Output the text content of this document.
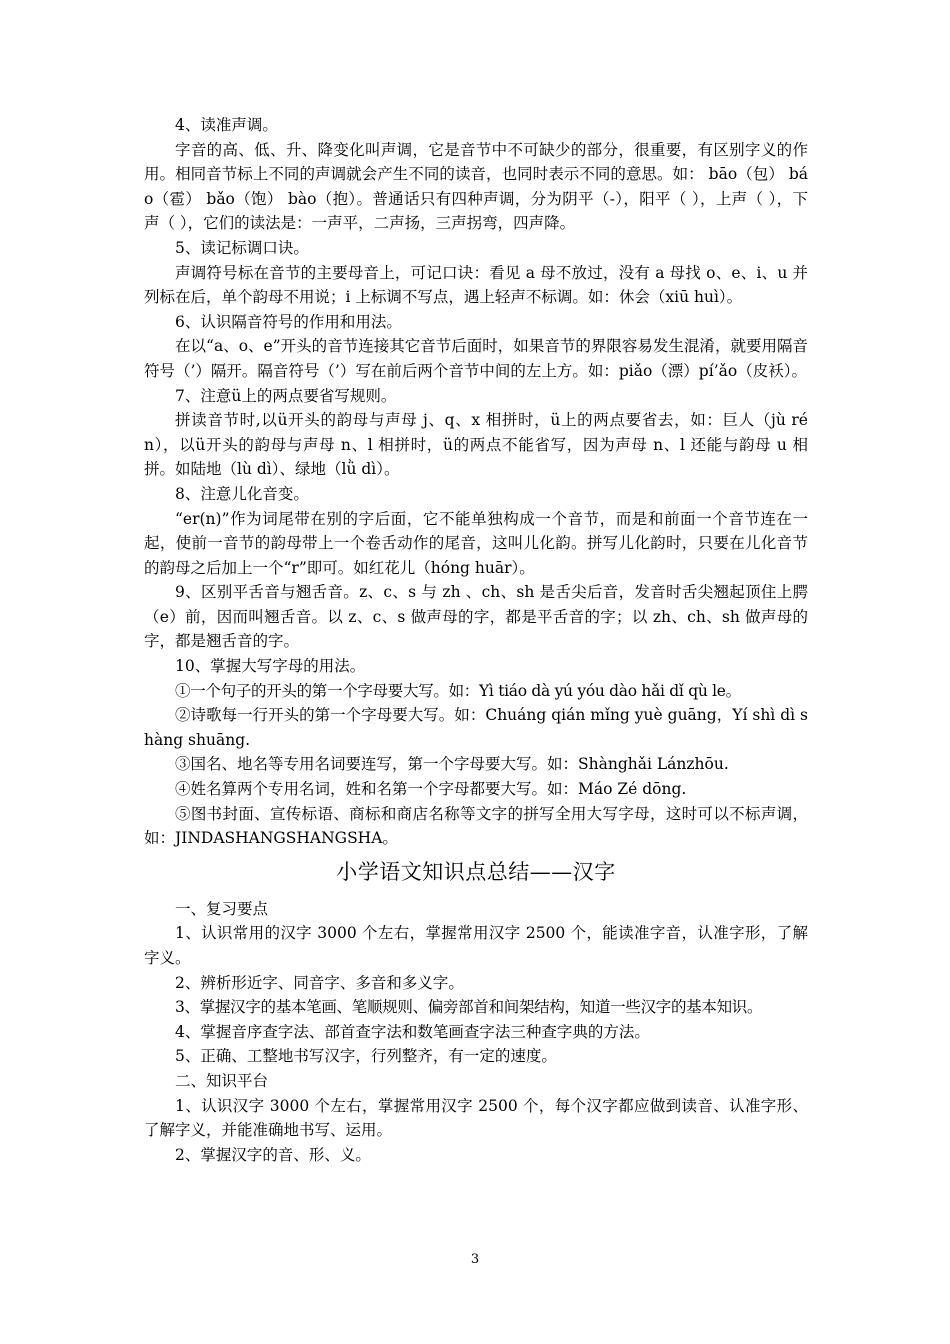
4、读准声调。

字音的高、低、升、降变化叫声调，它是音节中不可缺少的部分，很重要，有区别字义的作用。相同音节标上不同的声调就会产生不同的读音，也同时表示不同的意思。如： bāo（包） báo（雹） bǎo（饱） bào（抱）。普通话只有四种声调，分为阴平（-），阳平（ ），上声（ ），下声（ ），它们的读法是：一声平，二声扬，三声拐弯，四声降。

5、读记标调口诀。

声调符号标在音节的主要母音上，可记口诀：看见 a 母不放过，没有 a 母找 o、e、i、u 并列标在后，单个韵母不用说；i 上标调不写点，遇上轻声不标调。如：休会（xiū huì）。

6、认识隔音符号的作用和用法。

在以“a、o、e”开头的音节连接其它音节后面时，如果音节的界限容易发生混淆，就要用隔音符号（’）隔开。隔音符号（’）写在前后两个音节中间的左上方。如：piǎo（漂）pí’ǎo（皮袄）。

7、注意ü上的两点要省写规则。

拼读音节时,以ü开头的韵母与声母 j、q、x 相拼时，ü上的两点要省去，如：巨人（jù rén），以ü开头的韵母与声母 n、l 相拼时，ü的两点不能省写，因为声母 n、l 还能与韵母 u 相拼。如陆地（lù dì）、绿地（lǜ dì）。

8、注意儿化音变。

“er(n)”作为词尾带在别的字后面，它不能单独构成一个音节，而是和前面一个音节连在一起，使前一音节的韵母带上一个卷舌动作的尾音，这叫儿化韵。拼写儿化韵时，只要在儿化音节的韵母之后加上一个“r”即可。如红花儿（hóng huār）。

9、区别平舌音与翘舌音。z、c、s 与 zh 、ch、sh 是舌尖后音，发音时舌尖翘起顶住上腭（e）前，因而叫翘舌音。以 z、c、s 做声母的字，都是平舌音的字；以 zh、ch、sh 做声母的字，都是翘舌音的字。

10、掌握大写字母的用法。

①一个句子的开头的第一个字母要大写。如：Yì tiáo dà yú yóu dào hǎi dǐ qù le。

②诗歌每一行开头的第一个字母要大写。如：Chuáng qián mǐng yuè guāng，Yí shì dì shàng shuāng.

③国名、地名等专用名词要连写，第一个字母要大写。如：Shànghǎi Lánzhōu.

④姓名算两个专用名词，姓和名第一个字母都要大写。如：Máo Zé dōng.

⑤图书封面、宣传标语、商标和商店名称等文字的拼写全用大写字母，这时可以不标声调，如：JINDASHANGSHANGSHA。

小学语文知识点总结——汉字

一、复习要点

1、认识常用的汉字 3000 个左右，掌握常用汉字 2500 个，能读准字音，认准字形，了解字义。

2、辨析形近字、同音字、多音和多义字。

3、掌握汉字的基本笔画、笔顺规则、偏旁部首和间架结构，知道一些汉字的基本知识。

4、掌握音序查字法、部首查字法和数笔画查字法三种查字典的方法。

5、正确、工整地书写汉字，行列整齐，有一定的速度。

二、知识平台

1、认识汉字 3000 个左右，掌握常用汉字 2500 个，每个汉字都应做到读音、认准字形、了解字义，并能准确地书写、运用。

2、掌握汉字的音、形、义。

3
